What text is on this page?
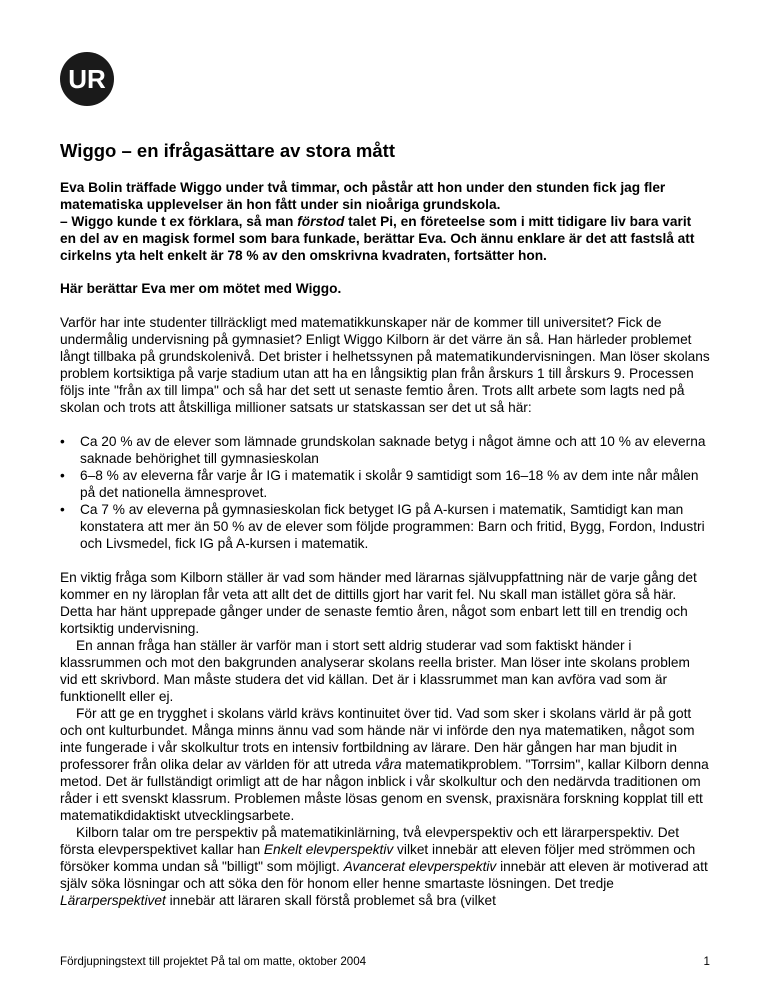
UR
Wiggo – en ifrågasättare av stora mått

Eva Bolin träffade Wiggo under två timmar, och påstår att hon under den stunden fick jag fler matematiska upplevelser än hon fått under sin nioåriga grundskola.

– Wiggo kunde t ex förklara, så man förstod talet Pi, en företeelse som i mitt tidigare liv bara varit en del av en magisk formel som bara funkade, berättar Eva. Och ännu enklare är det att fastslå att cirkelns yta helt enkelt är 78 % av den omskrivna kvadraten, fortsätter hon.

Här berättar Eva mer om mötet med Wiggo.

Varför har inte studenter tillräckligt med matematikkunskaper när de kommer till universitet? Fick de undermålig undervisning på gymnasiet? Enligt Wiggo Kilborn är det värre än så. Han härleder problemet långt tillbaka på grundskolenivå. Det brister i helhetssynen på matematikundervisningen. Man löser skolans problem kortsiktiga på varje stadium utan att ha en långsiktig plan från årskurs 1 till årskurs 9. Processen följs inte "från ax till limpa" och så har det sett ut senaste femtio åren. Trots allt arbete som lagts ned på skolan och trots att åtskilliga millioner satsats ur statskassan ser det ut så här:

• Ca 20 % av de elever som lämnade grundskolan saknade betyg i något ämne och att 10 % av eleverna saknade behörighet till gymnasieskolan
• 6–8 % av eleverna får varje år IG i matematik i skolår 9 samtidigt som 16–18 % av dem inte når målen på det nationella ämnesprovet.
• Ca 7 % av eleverna på gymnasieskolan fick betyget IG på A-kursen i matematik, Samtidigt kan man konstatera att mer än 50 % av de elever som följde programmen: Barn och fritid, Bygg, Fordon, Industri och Livsmedel, fick IG på A-kursen i matematik.

En viktig fråga som Kilborn ställer är vad som händer med lärarnas självuppfattning när de varje gång det kommer en ny läroplan får veta att allt det de dittills gjort har varit fel. Nu skall man istället göra så här. Detta har hänt upprepade gånger under de senaste femtio åren, något som enbart lett till en trendig och kortsiktig undervisning.

En annan fråga han ställer är varför man i stort sett aldrig studerar vad som faktiskt händer i klassrummen och mot den bakgrunden analyserar skolans reella brister. Man löser inte skolans problem vid ett skrivbord. Man måste studera det vid källan. Det är i klassrummet man kan avföra vad som är funktionellt eller ej.

För att ge en trygghet i skolans värld krävs kontinuitet över tid. Vad som sker i skolans värld är på gott och ont kulturbundet. Många minns ännu vad som hände när vi införde den nya matematiken, något som inte fungerade i vår skolkultur trots en intensiv fortbildning av lärare. Den här gången har man bjudit in professorer från olika delar av världen för att utreda våra matematikproblem. "Torrsim", kallar Kilborn denna metod. Det är fullständigt orimligt att de har någon inblick i vår skolkultur och den nedärvda traditionen om råder i ett svenskt klassrum. Problemen måste lösas genom en svensk, praxisnära forskning kopplat till ett matematikdidaktiskt utvecklingsarbete.

Kilborn talar om tre perspektiv på matematikinlärning, två elevperspektiv och ett lärarperspektiv. Det första elevperspektivet kallar han Enkelt elevperspektiv vilket innebär att eleven följer med strömmen och försöker komma undan så "billigt" som möjligt. Avancerat elevperspektiv innebär att eleven är motiverad att själv söka lösningar och att söka den för honom eller henne smartaste lösningen. Det tredje Lärarperspektivet innebär att läraren skall förstå problemet så bra (vilket

Fördjupningstext till projektet På tal om matte, oktober 2004	1
